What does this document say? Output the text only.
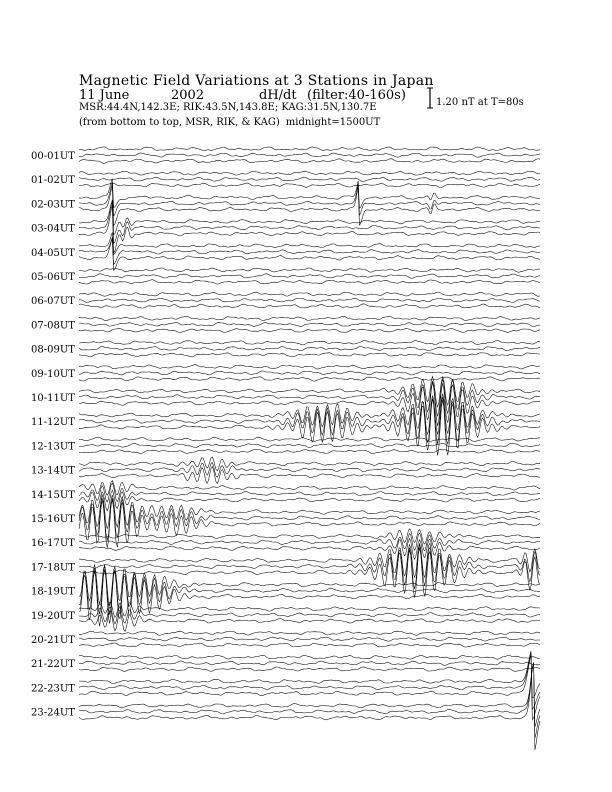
Magnetic Field Variations at 3 Stations in Japan
11 June	2002	dH/dt (filter:40-160s)
MSR:44.4N,142.3E; RIK:43.5N,143.8E; KAG:31.5N,130.7E
(from bottom to top, MSR, RIK, & KAG) midnight=1500UT
1.20 nT at T=80s
00-01UT
01-02UT
02-03UT
03-04UT
04-05UT
05-06UT
06-07UT
07-08UT
08-09UT
09-10UT
10-11UT
11-12UT
12-13UT
13-14UT
14-15UT
15-16UT
16-17UT
17-18UT
18-19UT
19-20UT
20-21UT
21-22UT
22-23UT
23-24UT
